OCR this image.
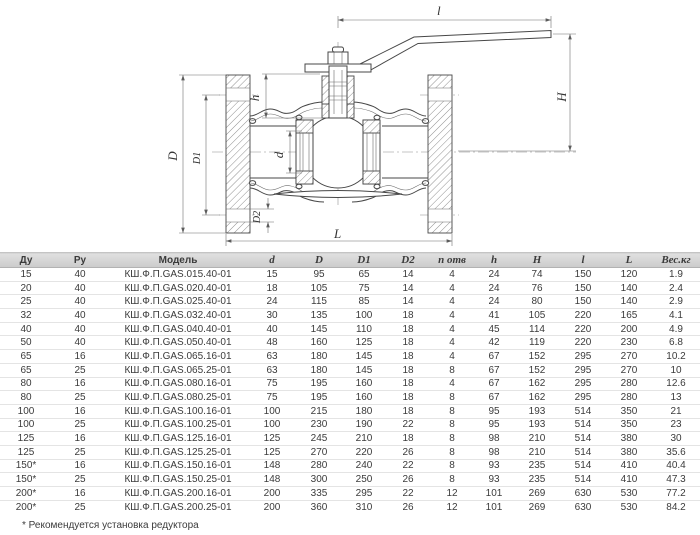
l
H
h
D D1
D2
d
L
Ду	Ру	Модель	d	D	D1	D2	n отв	h	H	l	L	Вес.кг
15	40	КШ.Ф.П.GAS.015.40-01	15	95	65	14	4	24	74	150	120	1.9
20	40	КШ.Ф.П.GAS.020.40-01	18	105	75	14	4	24	76	150	140	2.4
25	40	КШ.Ф.П.GAS.025.40-01	24	115	85	14	4	24	80	150	140	2.9
32	40	КШ.Ф.П.GAS.032.40-01	30	135	100	18	4	41	105	220	165	4.1
40	40	КШ.Ф.П.GAS.040.40-01	40	145	110	18	4	45	114	220	200	4.9
50	40	КШ.Ф.П.GAS.050.40-01	48	160	125	18	4	42	119	220	230	6.8
65	16	КШ.Ф.П.GAS.065.16-01	63	180	145	18	4	67	152	295	270	10.2
65	25	КШ.Ф.П.GAS.065.25-01	63	180	145	18	8	67	152	295	270	10
80	16	КШ.Ф.П.GAS.080.16-01	75	195	160	18	4	67	162	295	280	12.6
80	25	КШ.Ф.П.GAS.080.25-01	75	195	160	18	8	67	162	295	280	13
100	16	КШ.Ф.П.GAS.100.16-01	100	215	180	18	8	95	193	514	350	21
100	25	КШ.Ф.П.GAS.100.25-01	100	230	190	22	8	95	193	514	350	23
125	16	КШ.Ф.П.GAS.125.16-01	125	245	210	18	8	98	210	514	380	30
125	25	КШ.Ф.П.GAS.125.25-01	125	270	220	26	8	98	210	514	380	35.6
150*	16	КШ.Ф.П.GAS.150.16-01	148	280	240	22	8	93	235	514	410	40.4
150*	25	КШ.Ф.П.GAS.150.25-01	148	300	250	26	8	93	235	514	410	47.3
200*	16	КШ.Ф.П.GAS.200.16-01	200	335	295	22	12	101	269	630	530	77.2
200*	25	КШ.Ф.П.GAS.200.25-01	200	360	310	26	12	101	269	630	530	84.2
* Рекомендуется установка редуктора
